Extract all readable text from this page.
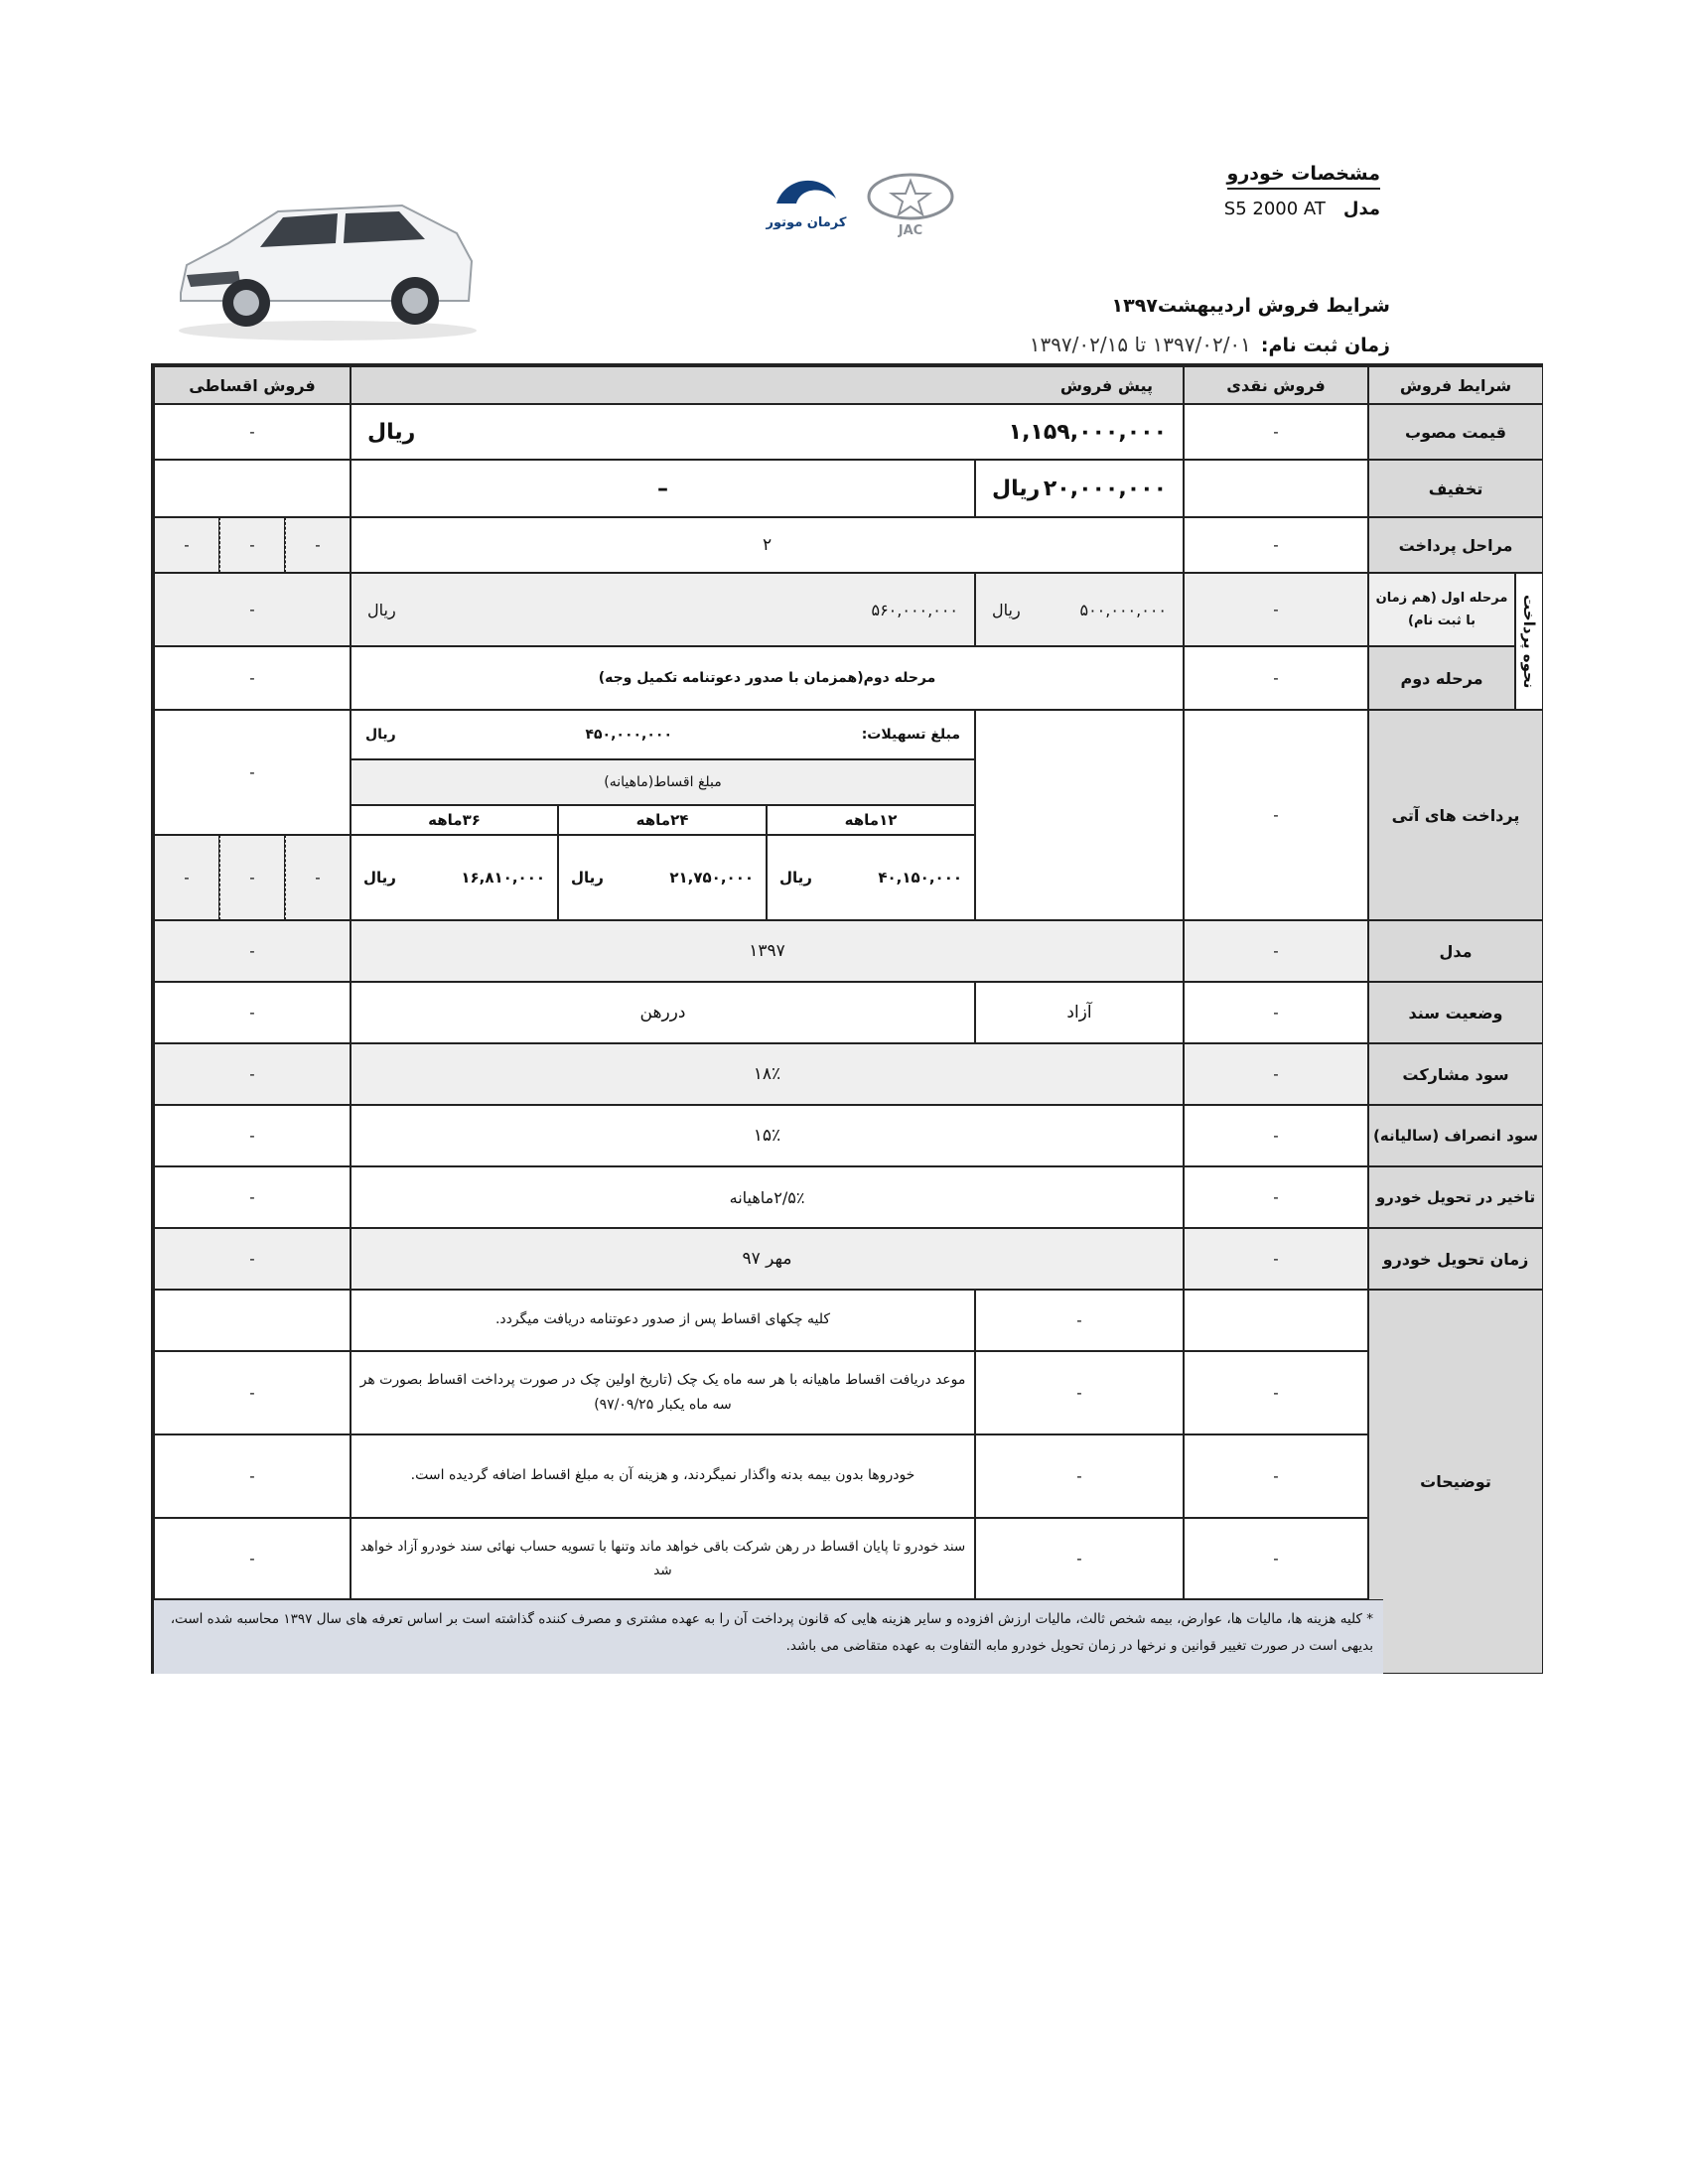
مشخصات خودرو
مدلS5 2000 AT
شرایط فروش اردیبهشت۱۳۹۷
زمان ثبت نام:۱۳۹۷/۰۲/۰۱ تا ۱۳۹۷/۰۲/۱۵
JAC
کرمان موتور
شرایط فروش
فروش نقدی
پیش فروش
فروش اقساطی
قیمت مصوب
-
۱,۱۵۹,۰۰۰,۰۰۰
ریال
-
تخفیف
۲۰,۰۰۰,۰۰۰
ریال
–
مراحل پرداخت
-
۲
-
-
-
نحوه پرداخت
مرحله اول (هم زمان با ثبت نام)
-
۵۰۰,۰۰۰,۰۰۰
ریال
۵۶۰,۰۰۰,۰۰۰
ریال
-
مرحله دوم
-
مرحله دوم(همزمان با صدور دعوتنامه تکمیل وجه)
-
پرداخت های آتی
-
مبلغ تسهیلات:
۴۵۰,۰۰۰,۰۰۰
ریال
مبلغ اقساط(ماهیانه)
۱۲ماهه
۲۴ماهه
۳۶ماهه
۴۰,۱۵۰,۰۰۰
ریال
۲۱,۷۵۰,۰۰۰
ریال
۱۶,۸۱۰,۰۰۰
ریال
-
-
-
-
مدل
-
۱۳۹۷
-
وضعیت سند
-
آزاد
دررهن
-
سود مشارکت
-
۱۸٪
-
سود انصراف (سالیانه)
-
۱۵٪
-
تاخیر در تحویل خودرو
-
۲/۵٪ماهیانه
-
زمان تحویل خودرو
-
مهر ۹۷
-
توضیحات
-
کلیه چکهای اقساط پس از صدور دعوتنامه دریافت میگردد.
-
-
موعد دریافت اقساط ماهیانه با هر سه ماه یک چک (تاریخ اولین چک در صورت پرداخت اقساط بصورت هر سه ماه یکبار ۹۷/۰۹/۲۵)
-
-
-
خودروها بدون بیمه بدنه واگذار نمیگردند، و هزینه آن به مبلغ اقساط اضافه گردیده است.
-
-
-
سند خودرو تا پایان اقساط در رهن شرکت باقی خواهد ماند وتنها با تسویه حساب نهائی سند خودرو آزاد خواهد شد
-
* کلیه هزینه ها، مالیات ها، عوارض، بیمه شخص ثالث، مالیات ارزش افزوده و سایر هزینه هایی که قانون پرداخت آن را به عهده مشتری و مصرف کننده گذاشته است بر اساس تعرفه های سال ۱۳۹۷ محاسبه شده است، بدیهی است در صورت تغییر قوانین و نرخها در زمان تحویل خودرو مابه التفاوت به عهده متقاضی می باشد.
